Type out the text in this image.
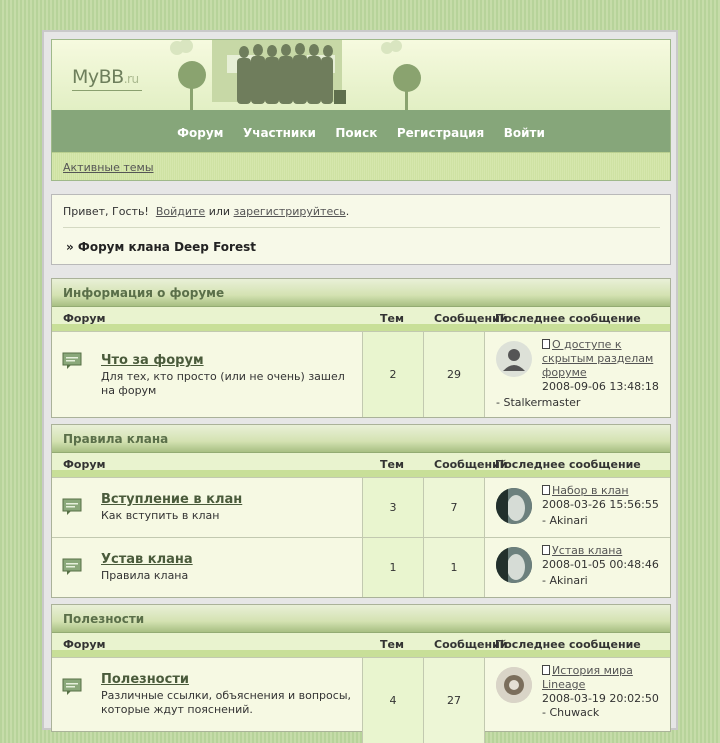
MyBB.ru
Форум Участники Поиск Регистрация Войти
Активные темы
Привет, Гость! Войдите или зарегистрируйтесь.
» Форум клана Deep Forest
Информация о форуме
Форум	Тем	Сообщений
Последнее сообщение
Что за форум
Для тех, кто просто (или не очень) зашел на форум
2	29
О доступе к скрытым разделам форуме
2008-09-06 13:48:18
- Stalkermaster
Правила клана
Форум	Тем	Сообщений
Последнее сообщение
Вступление в клан
Как вступить в клан
3	7
Набор в клан
2008-03-26 15:56:55
- Akinari
Устав клана
Правила клана
1	1
Устав клана
2008-01-05 00:48:46
- Akinari
Полезности
Форум	Тем	Сообщений
Последнее сообщение
Полезности
Различные ссылки, объяснения и вопросы, которые ждут пояснений.
4	27
История мира Lineage
2008-03-19 20:02:50
- Chuwack
